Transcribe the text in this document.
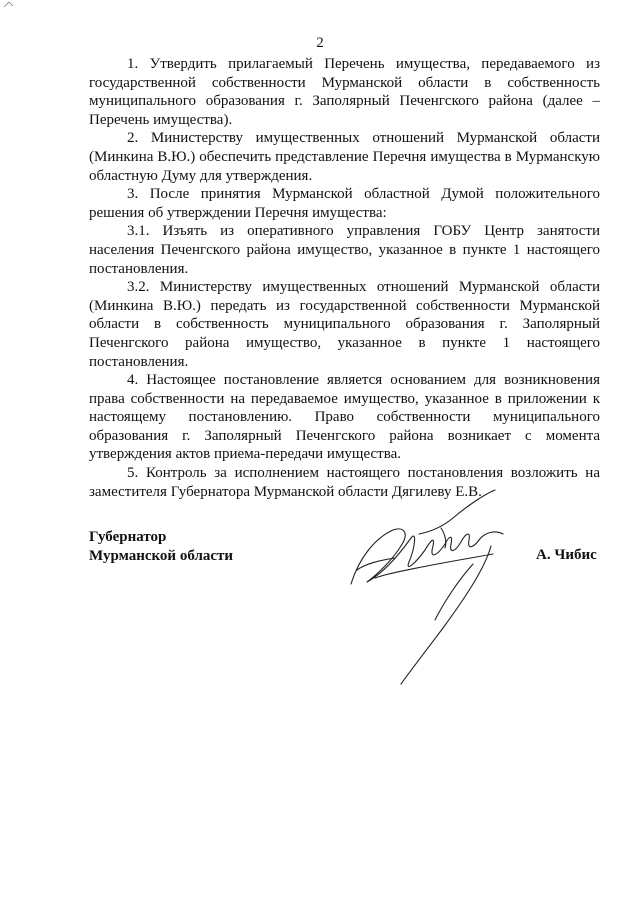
2

1. Утвердить прилагаемый Перечень имущества, передаваемого из государственной собственности Мурманской области в собственность муниципального образования г. Заполярный Печенгского района (далее – Перечень имущества).

2. Министерству имущественных отношений Мурманской области (Минкина В.Ю.) обеспечить представление Перечня имущества в Мурманскую областную Думу для утверждения.

3. После принятия Мурманской областной Думой положительного решения об утверждении Перечня имущества:

3.1. Изъять из оперативного управления ГОБУ Центр занятости населения Печенгского района имущество, указанное в пункте 1 настоящего постановления.

3.2. Министерству имущественных отношений Мурманской области (Минкина В.Ю.) передать из государственной собственности Мурманской области в собственность муниципального образования г. Заполярный Печенгского района имущество, указанное в пункте 1 настоящего постановления.

4. Настоящее постановление является основанием для возникновения права собственности на передаваемое имущество, указанное в приложении к настоящему постановлению. Право собственности муниципального образования г. Заполярный Печенгского района возникает с момента утверждения актов приема-передачи имущества.

5. Контроль за исполнением настоящего постановления возложить на заместителя Губернатора Мурманской области Дягилеву Е.В.

Губернатор
Мурманской области	А. Чибис
